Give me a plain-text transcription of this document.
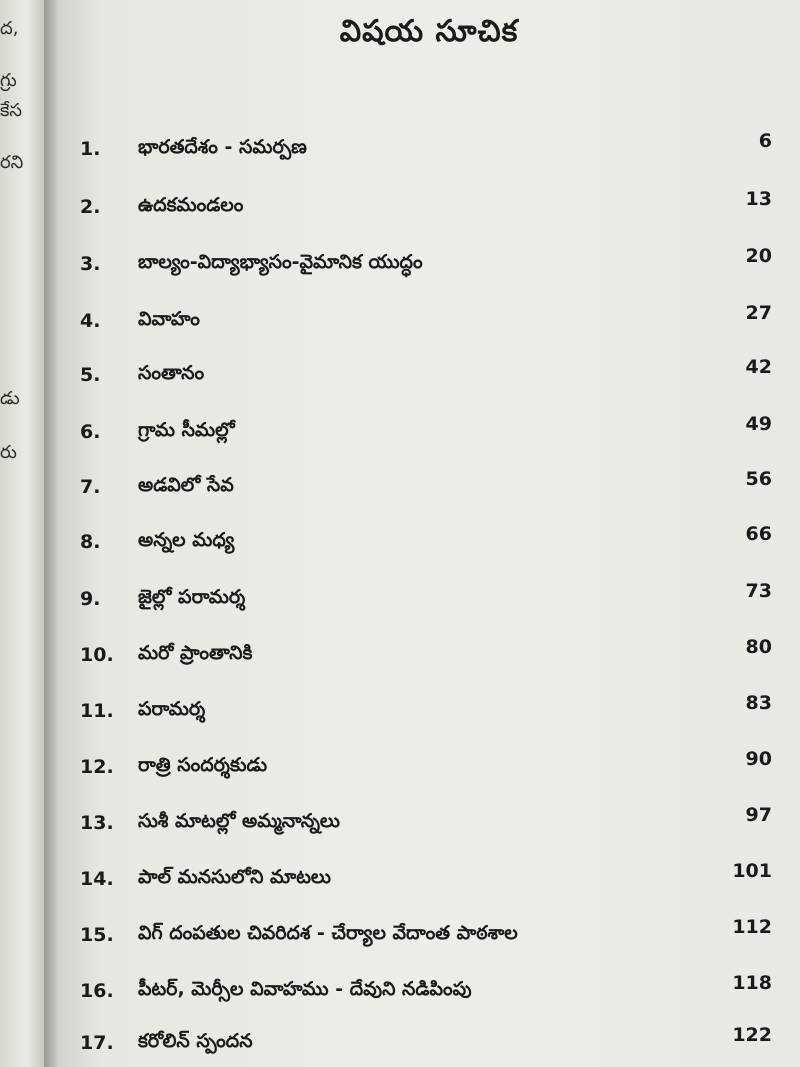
ద,
గ్రు
కేస
రని
డు
రు
విషయ సూచిక
1. భారతదేశం - సమర్పణ	6
2. ఉదకమండలం	13
3. బాల్యం-విద్యాభ్యాసం-వైమానిక యుద్ధం	20
4. వివాహం	27
5. సంతానం	42
6. గ్రామ సీమల్లో	49
7. అడవిలో సేవ	56
8. అన్నల మధ్య	66
9. జైల్లో పరామర్శ	73
10. మరో ప్రాంతానికి	80
11. పరామర్శ	83
12. రాత్రి సందర్శకుడు	90
13. సుశీ మాటల్లో అమ్మనాన్నలు	97
14. పాల్ మనసులోని మాటలు	101
15. విగ్ దంపతుల చివరిదశ - చేర్యాల వేదాంత పాఠశాల	112
16. పీటర్, మెర్సీల వివాహము - దేవుని నడిపింపు	118
17. కరోలిన్ స్పందన	122
